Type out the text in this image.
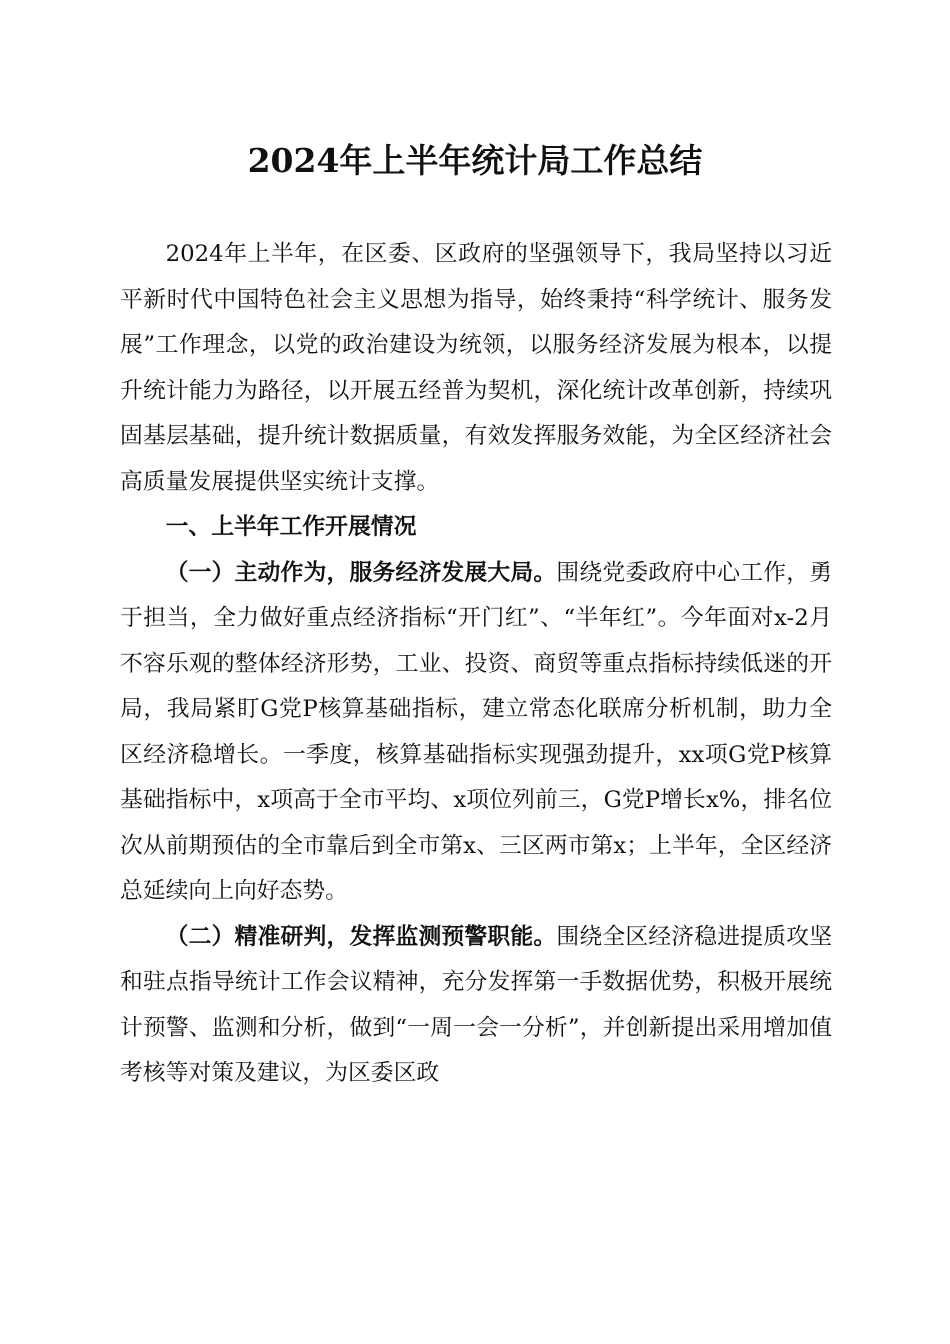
2024年上半年统计局工作总结

2024年上半年，在区委、区政府的坚强领导下，我局坚持以习近平新时代中国特色社会主义思想为指导，始终秉持“科学统计、服务发展”工作理念，以党的政治建设为统领，以服务经济发展为根本，以提升统计能力为路径，以开展五经普为契机，深化统计改革创新，持续巩固基层基础，提升统计数据质量，有效发挥服务效能，为全区经济社会高质量发展提供坚实统计支撑。

一、上半年工作开展情况

（一）主动作为，服务经济发展大局。围绕党委政府中心工作，勇于担当，全力做好重点经济指标“开门红”、“半年红”。今年面对x-2月不容乐观的整体经济形势，工业、投资、商贸等重点指标持续低迷的开局，我局紧盯G党P核算基础指标，建立常态化联席分析机制，助力全区经济稳增长。一季度，核算基础指标实现强劲提升，xx项G党P核算基础指标中，x项高于全市平均、x项位列前三，G党P增长x%，排名位次从前期预估的全市靠后到全市第x、三区两市第x；上半年，全区经济总延续向上向好态势。

（二）精准研判，发挥监测预警职能。围绕全区经济稳进提质攻坚和驻点指导统计工作会议精神，充分发挥第一手数据优势，积极开展统计预警、监测和分析，做到“一周一会一分析”，并创新提出采用增加值考核等对策及建议，为区委区政
